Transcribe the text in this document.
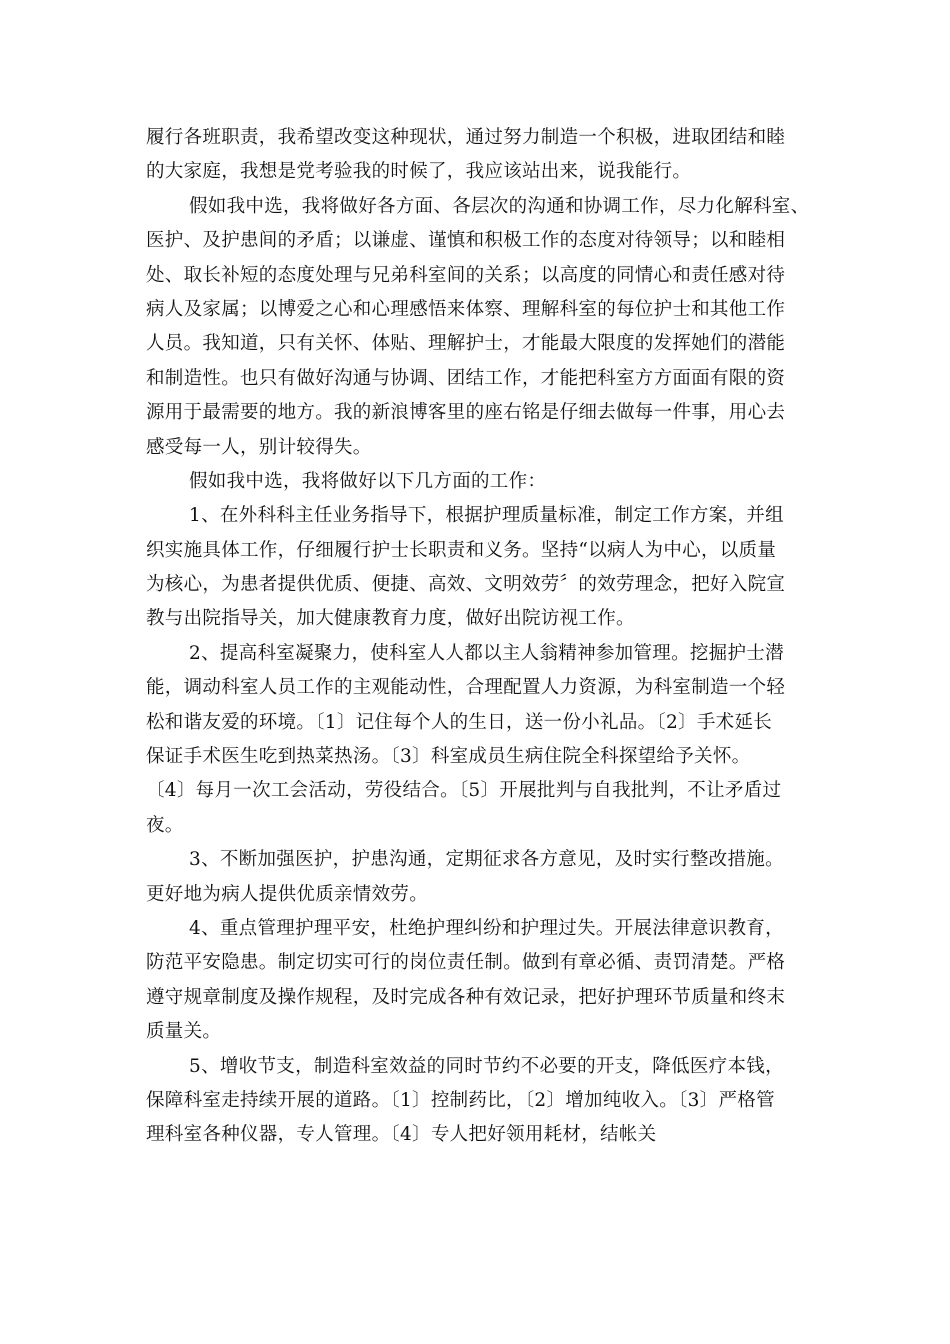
履行各班职责，我希望改变这种现状，通过努力制造一个积极，进取团结和睦
的大家庭，我想是党考验我的时候了，我应该站出来，说我能行。
假如我中选，我将做好各方面、各层次的沟通和协调工作，尽力化解科室、
医护、及护患间的矛盾；以谦虚、谨慎和积极工作的态度对待领导；以和睦相
处、取长补短的态度处理与兄弟科室间的关系；以高度的同情心和责任感对待
病人及家属；以博爱之心和心理感悟来体察、理解科室的每位护士和其他工作
人员。我知道，只有关怀、体贴、理解护士，才能最大限度的发挥她们的潜能
和制造性。也只有做好沟通与协调、团结工作，才能把科室方方面面有限的资
源用于最需要的地方。我的新浪博客里的座右铭是仔细去做每一件事，用心去
感受每一人，别计较得失。
假如我中选，我将做好以下几方面的工作：
1、在外科科主任业务指导下，根据护理质量标准，制定工作方案，并组
织实施具体工作，仔细履行护士长职责和义务。坚持“以病人为中心，以质量
为核心，为患者提供优质、便捷、高效、文明效劳〞的效劳理念，把好入院宣
教与出院指导关，加大健康教育力度，做好出院访视工作。
2、提高科室凝聚力，使科室人人都以主人翁精神参加管理。挖掘护士潜
能，调动科室人员工作的主观能动性，合理配置人力资源，为科室制造一个轻
松和谐友爱的环境。〔1〕记住每个人的生日，送一份小礼品。〔2〕手术延长
保证手术医生吃到热菜热汤。〔3〕科室成员生病住院全科探望给予关怀。
〔4〕每月一次工会活动，劳役结合。〔5〕开展批判与自我批判，不让矛盾过
夜。
3、不断加强医护，护患沟通，定期征求各方意见，及时实行整改措施。
更好地为病人提供优质亲情效劳。
4、重点管理护理平安，杜绝护理纠纷和护理过失。开展法律意识教育，
防范平安隐患。制定切实可行的岗位责任制。做到有章必循、责罚清楚。严格
遵守规章制度及操作规程，及时完成各种有效记录，把好护理环节质量和终末
质量关。
5、增收节支，制造科室效益的同时节约不必要的开支，降低医疗本钱，
保障科室走持续开展的道路。〔1〕控制药比，〔2〕增加纯收入。〔3〕严格管
理科室各种仪器，专人管理。〔4〕专人把好领用耗材，结帐关
